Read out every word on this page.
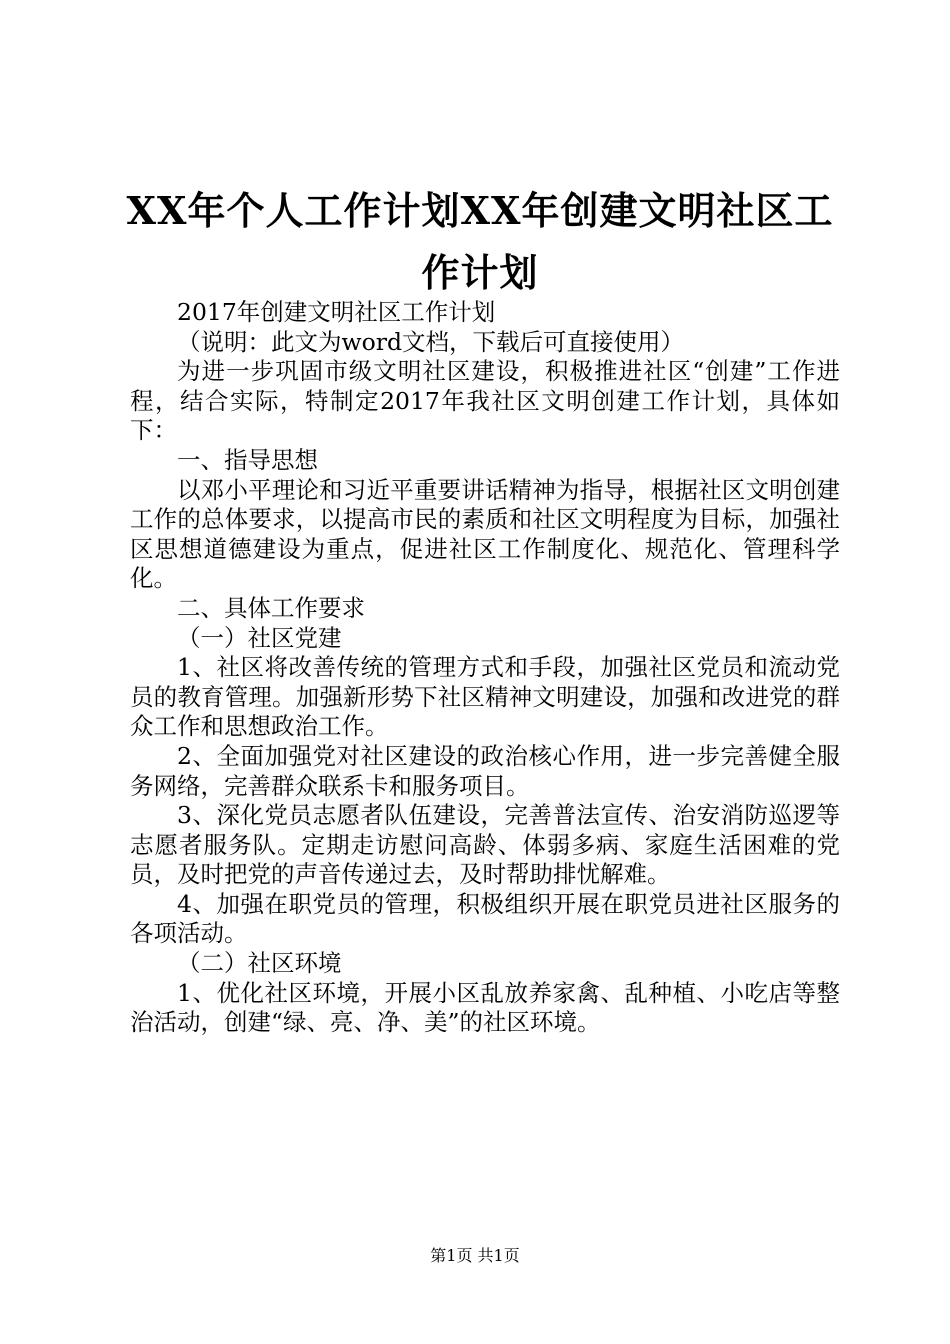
XX年个人工作计划XX年创建文明社区工作计划

2017年创建文明社区工作计划

（说明：此文为word文档，下载后可直接使用）

为进一步巩固市级文明社区建设，积极推进社区“创建”工作进程，结合实际，特制定2017年我社区文明创建工作计划，具体如下：

一、指导思想

以邓小平理论和习近平重要讲话精神为指导，根据社区文明创建工作的总体要求，以提高市民的素质和社区文明程度为目标，加强社区思想道德建设为重点，促进社区工作制度化、规范化、管理科学化。

二、具体工作要求

（一）社区党建

1、社区将改善传统的管理方式和手段，加强社区党员和流动党员的教育管理。加强新形势下社区精神文明建设，加强和改进党的群众工作和思想政治工作。

2、全面加强党对社区建设的政治核心作用，进一步完善健全服务网络，完善群众联系卡和服务项目。

3、深化党员志愿者队伍建设，完善普法宣传、治安消防巡逻等志愿者服务队。定期走访慰问高龄、体弱多病、家庭生活困难的党员，及时把党的声音传递过去，及时帮助排忧解难。

4、加强在职党员的管理，积极组织开展在职党员进社区服务的各项活动。

（二）社区环境

1、优化社区环境，开展小区乱放养家禽、乱种植、小吃店等整治活动，创建“绿、亮、净、美”的社区环境。

第1页 共1页
